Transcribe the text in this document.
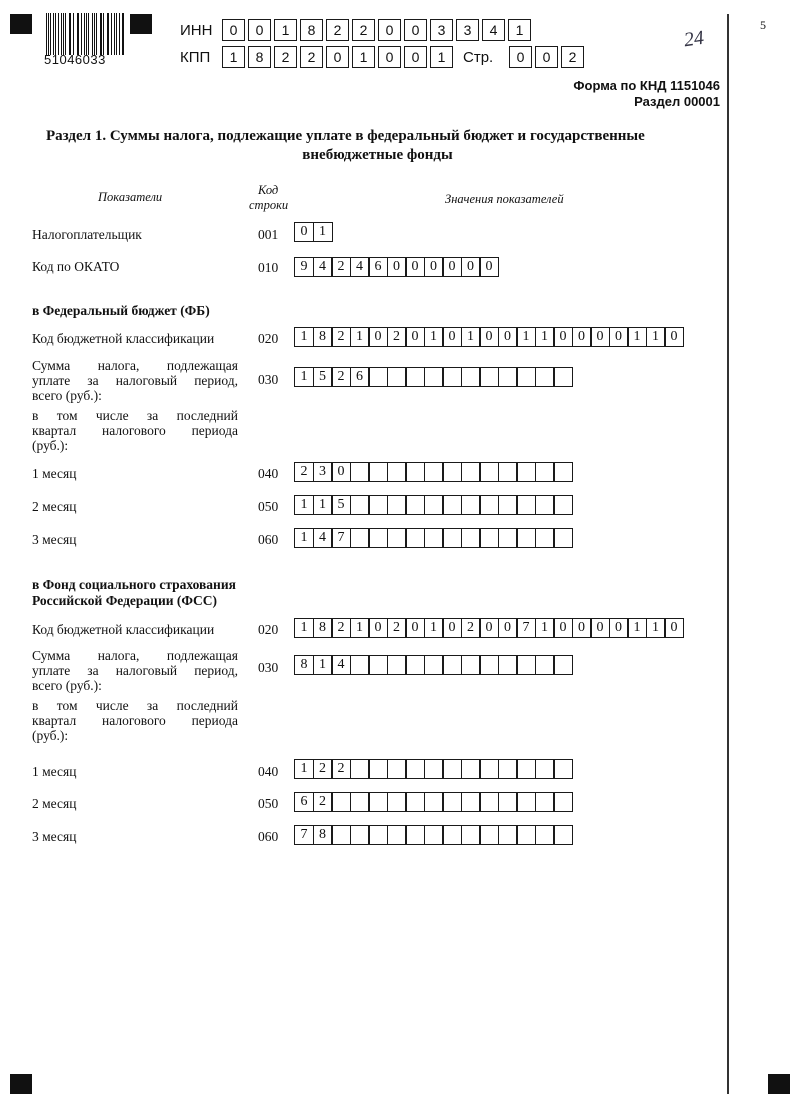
51046033
5
24
ИНН	0	0	1	8	2	2	0	0	3	3	4	1
КПП	1	8	2	2	0	1	0	0	1	Стр.	0	0	2
Форма по КНД 1151046
Раздел 00001
Раздел 1. Суммы налога, подлежащие уплате в федеральный бюджет и государственные
внебюджетные фонды
Показатели	Код
строки	Значения показателей
Налогоплательщик	001	0 1
Код по ОКАТО	010	9 4 2 4 6 0 0 0 0 0 0
в Федеральный бюджет (ФБ)
Код бюджетной классификации	020	1 8 2 1 0 2 0 1 0 1 0 0 1 1 0 0 0 0 1 1 0
Сумма налога, подлежащая
уплате за налоговый период,
всего (руб.):
030	1 5 2 6
в том числе за последний
квартал налогового периода
(руб.):
1 месяц	040	2 3 0
2 месяц	050	1 1 5
3 месяц	060	1 4 7
в Фонд социального страхования
Российской Федерации (ФСС)
Код бюджетной классификации	020	1 8 2 1 0 2 0 1 0 2 0 0 7 1 0 0 0 0 1 1 0
Сумма налога, подлежащая
уплате за налоговый период,
всего (руб.):
030	8 1 4
в том числе за последний
квартал налогового периода
(руб.):
1 месяц	040	1 2 2
2 месяц	050	6 2
3 месяц	060	7 8
